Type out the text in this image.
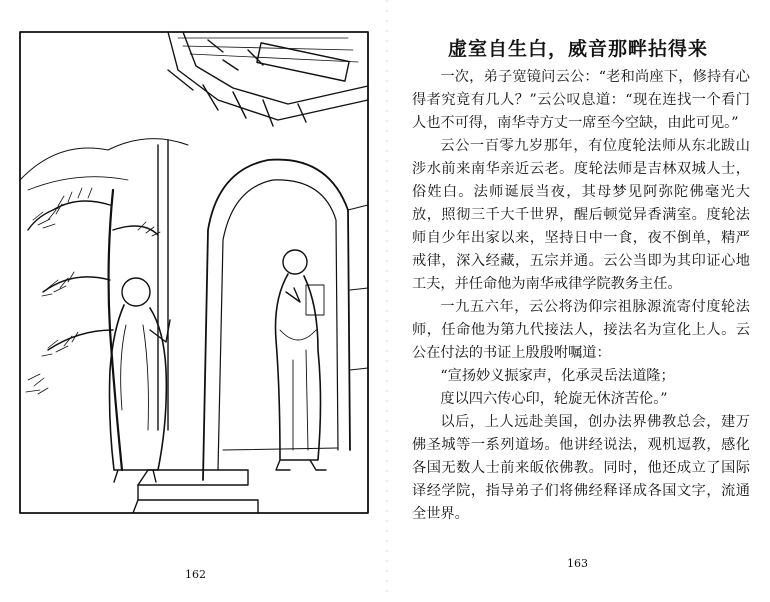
162
虚室自生白，威音那畔拈得来

一次，弟子宽镜问云公：“老和尚座下，修持有心得者究竟有几人？”云公叹息道：“现在连找一个看门人也不可得，南华寺方丈一席至今空缺，由此可见。”

云公一百零九岁那年，有位度轮法师从东北跋山涉水前来南华亲近云老。度轮法师是吉林双城人士，俗姓白。法师诞辰当夜，其母梦见阿弥陀佛毫光大放，照彻三千大千世界，醒后顿觉异香满室。度轮法师自少年出家以来，坚持日中一食，夜不倒单，精严戒律，深入经藏，五宗并通。云公当即为其印证心地工夫，并任命他为南华戒律学院教务主任。

一九五六年，云公将沩仰宗祖脉源流寄付度轮法师，任命他为第九代接法人，接法名为宣化上人。云公在付法的书证上殷殷咐嘱道：

“宣扬妙义振家声，化承灵岳法道隆；

度以四六传心印，轮旋无休济苦伦。”

以后，上人远赴美国，创办法界佛教总会，建万佛圣城等一系列道场。他讲经说法，观机逗教，感化各国无数人士前来皈依佛教。同时，他还成立了国际译经学院，指导弟子们将佛经释译成各国文字，流通全世界。

163
